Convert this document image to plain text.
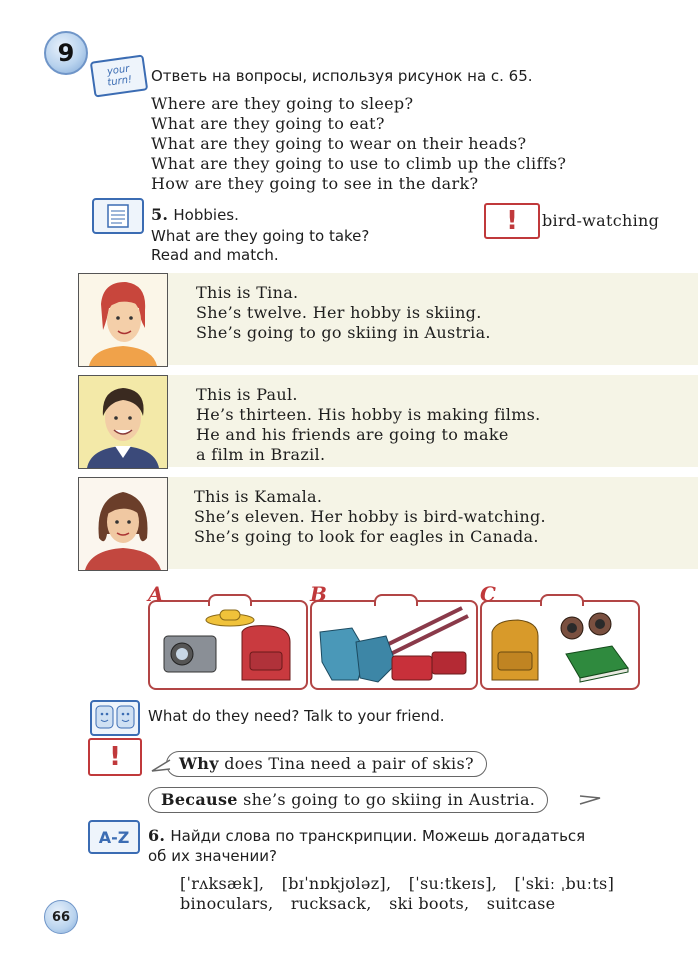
9
your turn!	Ответь на вопросы, используя рисунок на с. 65.
Where are they going to sleep?
What are they going to eat?
What are they going to wear on their heads?
What are they going to use to climb up the cliffs?
How are they going to see in the dark?
5. Hobbies.
What are they going to take?
Read and match.
! bird-watching
This is Tina.
She’s twelve. Her hobby is skiing.
She’s going to go skiing in Austria.
This is Paul.
He’s thirteen. His hobby is making films.
He and his friends are going to make
a film in Brazil.
This is Kamala.
She’s eleven. Her hobby is bird-watching.
She’s going to look for eagles in Canada.
A	B	C
What do they need? Talk to your friend.
!	Why does Tina need a pair of skis?
Because she’s going to go skiing in Austria.
A-Z 6. Найди слова по транскрипции. Можешь догадаться
об их значении?
[ˈrʌksæk], [bɪˈnɒkjʊləz], [ˈsuːtkeɪs], [ˈskiː ˌbuːts]
binoculars, rucksack, ski boots, suitcase
66
